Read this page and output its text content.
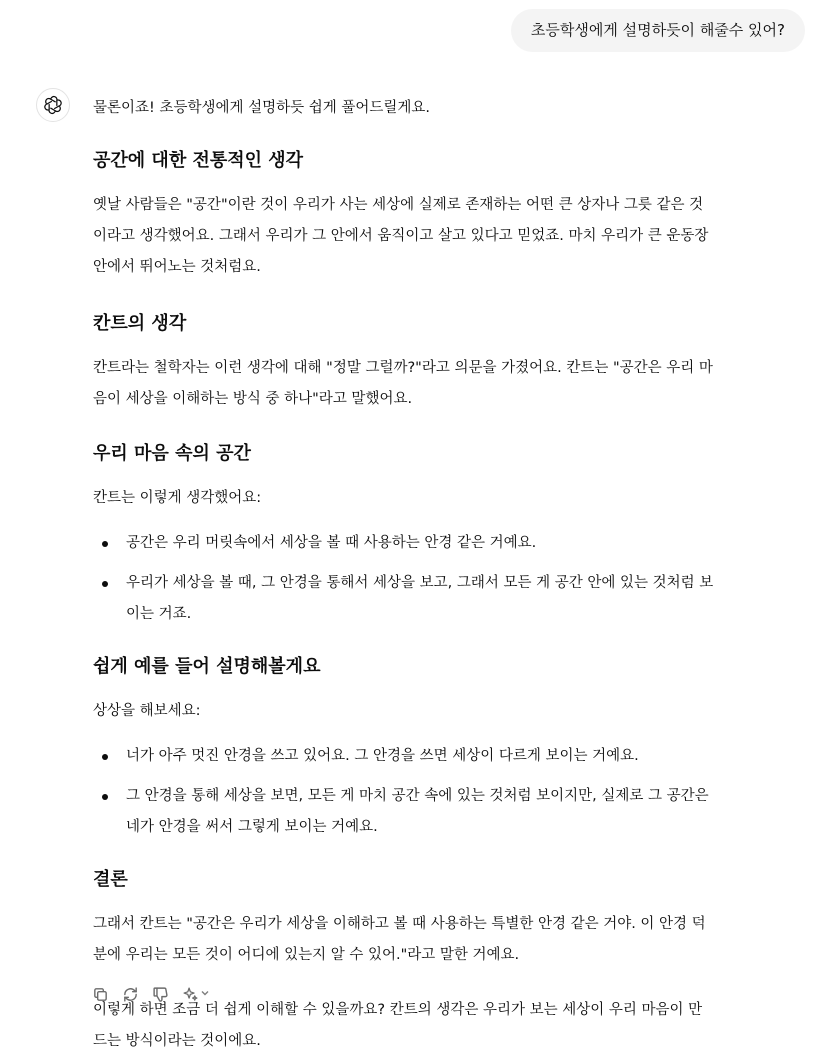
초등학생에게 설명하듯이 해줄수 있어?

물론이죠! 초등학생에게 설명하듯 쉽게 풀어드릴게요.

공간에 대한 전통적인 생각

옛날 사람들은 "공간"이란 것이 우리가 사는 세상에 실제로 존재하는 어떤 큰 상자나 그릇 같은 것
이라고 생각했어요. 그래서 우리가 그 안에서 움직이고 살고 있다고 믿었죠. 마치 우리가 큰 운동장
안에서 뛰어노는 것처럼요.

칸트의 생각

칸트라는 철학자는 이런 생각에 대해 "정말 그럴까?"라고 의문을 가졌어요. 칸트는 "공간은 우리 마
음이 세상을 이해하는 방식 중 하나"라고 말했어요.

우리 마음 속의 공간

칸트는 이렇게 생각했어요:

공간은 우리 머릿속에서 세상을 볼 때 사용하는 안경 같은 거예요.
우리가 세상을 볼 때, 그 안경을 통해서 세상을 보고, 그래서 모든 게 공간 안에 있는 것처럼 보
이는 거죠.
쉽게 예를 들어 설명해볼게요

상상을 해보세요:

너가 아주 멋진 안경을 쓰고 있어요. 그 안경을 쓰면 세상이 다르게 보이는 거예요.
그 안경을 통해 세상을 보면, 모든 게 마치 공간 속에 있는 것처럼 보이지만, 실제로 그 공간은
네가 안경을 써서 그렇게 보이는 거예요.
결론

그래서 칸트는 "공간은 우리가 세상을 이해하고 볼 때 사용하는 특별한 안경 같은 거야. 이 안경 덕
분에 우리는 모든 것이 어디에 있는지 알 수 있어."라고 말한 거예요.

이렇게 하면 조금 더 쉽게 이해할 수 있을까요? 칸트의 생각은 우리가 보는 세상이 우리 마음이 만
드는 방식이라는 것이에요.
